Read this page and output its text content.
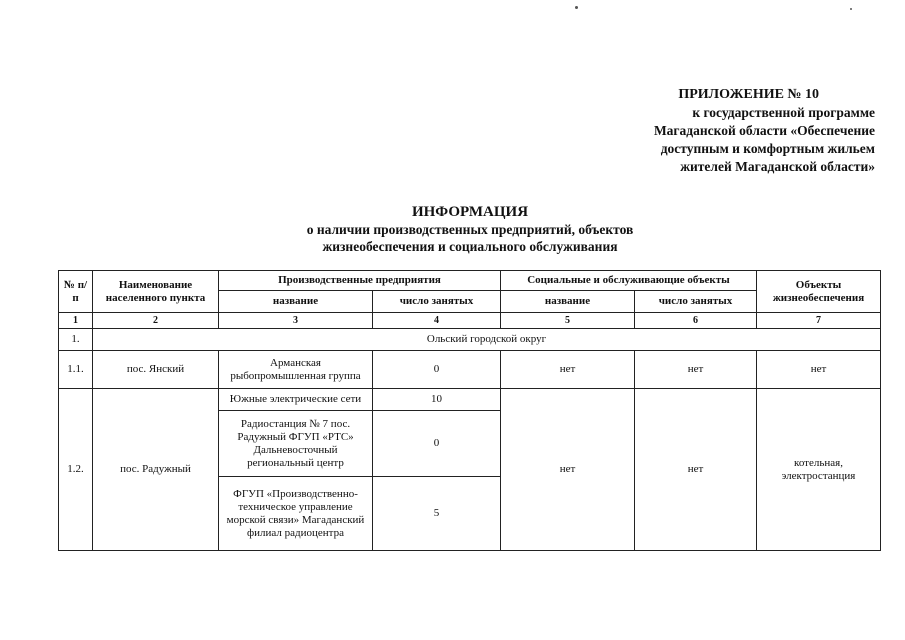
ПРИЛОЖЕНИЕ № 10
к государственной программе
Магаданской области «Обеспечение
доступным и комфортным жильем
жителей Магаданской области»
ИНФОРМАЦИЯ
о наличии производственных предприятий, объектов
жизнеобеспечения и социального обслуживания
№ п/п	Наименование населенного пункта	Производственные предприятия		Социальные и обслуживающие объекты		Объекты жизнеобеспечения
		название	число занятых	название	число занятых	
1	2	3	4	5	6	7
1.	Ольский городской округ					
1.1.	пос. Янский	Арманская рыбопромышленная группа	0	нет	нет	нет
1.2.	пос. Радужный	Южные электрические сети	10	нет	нет	котельная, электростанция
		Радиостанция № 7 пос. Радужный ФГУП «РТС» Дальневосточный региональный центр	0			
		ФГУП «Производственно-техническое управление морской связи» Магаданский филиал радиоцентра	5			
